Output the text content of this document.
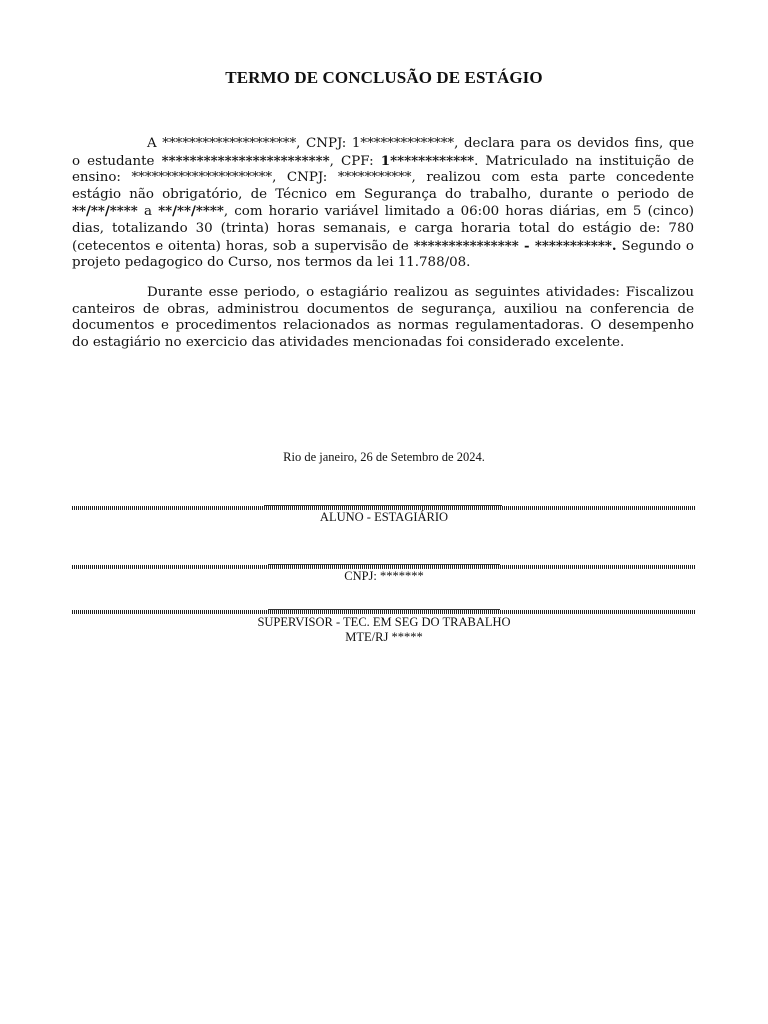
TERMO DE CONCLUSÃO DE ESTÁGIO
A ********************, CNPJ: 1**************, declara para os devidos fins, que o estudante ************************, CPF: 1************. Matriculado na instituição de ensino: *********************, CNPJ: ***********, realizou com esta parte concedente estágio não obrigatório, de Técnico em Segurança do trabalho, durante o periodo de **/**/**** a **/**/****, com horario variável limitado a 06:00 horas diárias, em 5 (cinco) dias, totalizando 30 (trinta) horas semanais, e carga horaria total do estágio de: 780 (cetecentos e oitenta) horas, sob a supervisão de *************** - ***********. Segundo o projeto pedagogico do Curso, nos termos da lei 11.788/08.
Durante esse periodo, o estagiário realizou as seguintes atividades: Fiscalizou canteiros de obras, administrou documentos de segurança, auxiliou na conferencia de documentos e procedimentos relacionados as normas regulamentadoras. O desempenho do estagiário no exercicio das atividades mencionadas foi considerado excelente.
Rio de janeiro, 26 de Setembro de 2024.
ALUNO - ESTAGIÁRIO
CNPJ: *******
SUPERVISOR - TEC. EM SEG DO TRABALHO
MTE/RJ *****
